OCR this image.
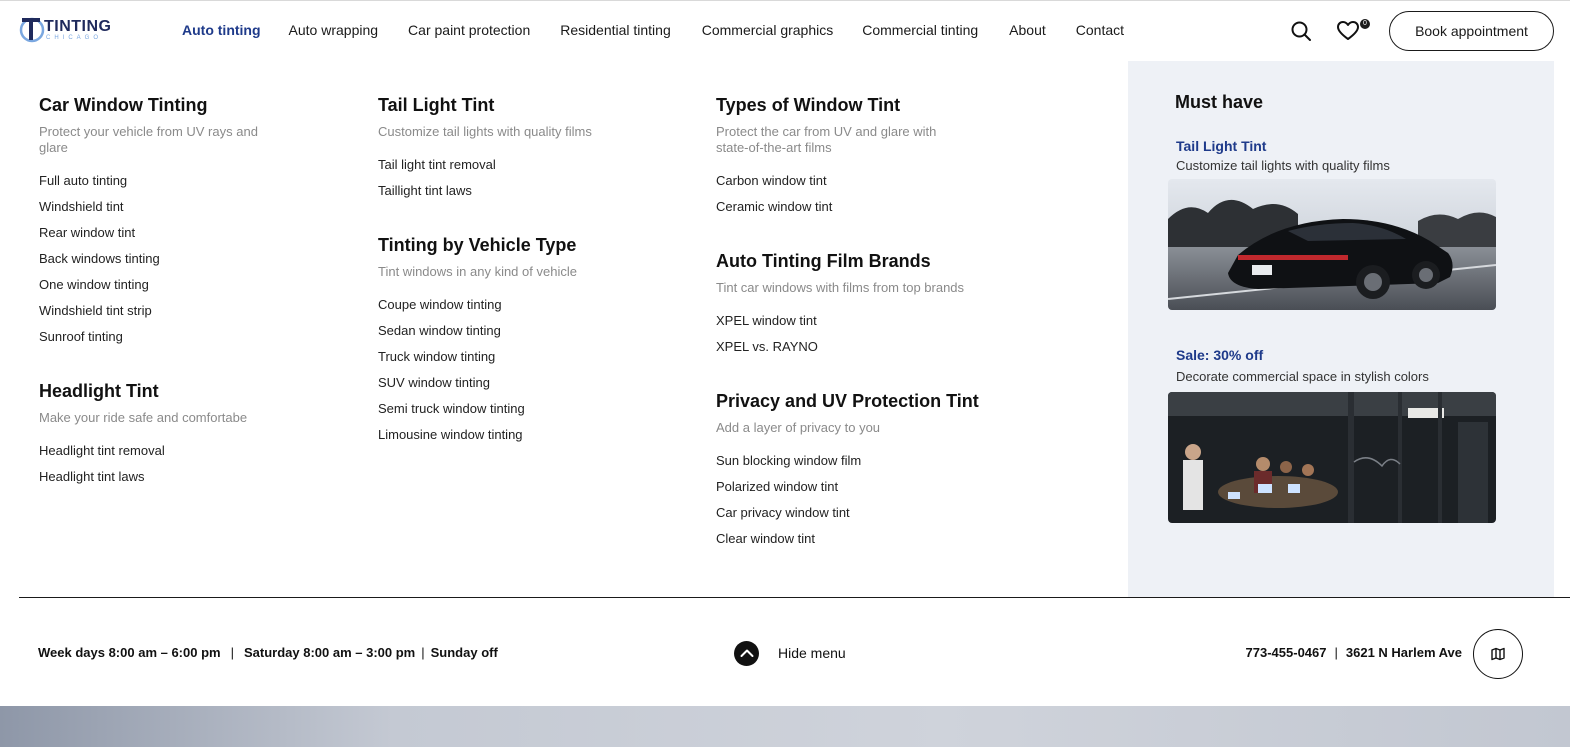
TINTING
CHICAGO	Auto tinting Auto wrapping Car paint protection Residential tinting Commercial graphics Commercial tinting About Contact	0	Book appointment
Car Window Tinting
Protect your vehicle from UV rays and glare
Full auto tinting
Windshield tint
Rear window tint
Back windows tinting
One window tinting
Windshield tint strip
Sunroof tinting
Headlight Tint
Make your ride safe and comfortabe
Headlight tint removal
Headlight tint laws
Tail Light Tint
Customize tail lights with quality films
Tail light tint removal
Taillight tint laws
Tinting by Vehicle Type
Tint windows in any kind of vehicle
Coupe window tinting
Sedan window tinting
Truck window tinting
SUV window tinting
Semi truck window tinting
Limousine window tinting
Types of Window Tint
Protect the car from UV and glare with state-of-the-art films
Carbon window tint
Ceramic window tint
Auto Tinting Film Brands
Tint car windows with films from top brands
XPEL window tint
XPEL vs. RAYNO
Privacy and UV Protection Tint
Add a layer of privacy to you
Sun blocking window film
Polarized window tint
Car privacy window tint
Clear window tint
Must have
Tail Light Tint
Customize tail lights with quality films
Sale: 30% off
Decorate commercial space in stylish colors
Week days 8:00 am – 6:00 pm | Saturday 8:00 am – 3:00 pm | Sunday off	Hide menu	773-455-0467 | 3621 N Harlem Ave
